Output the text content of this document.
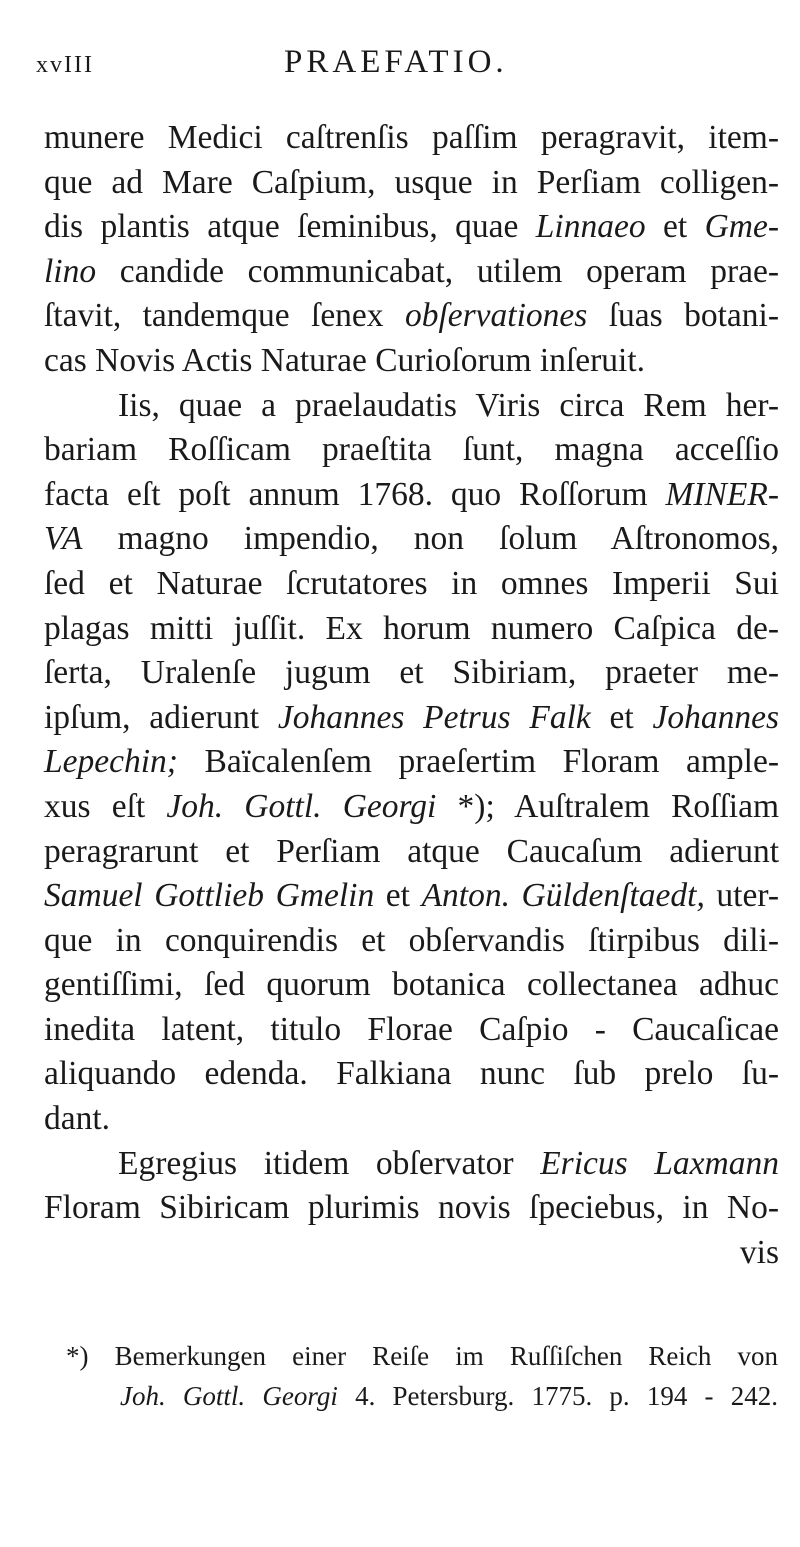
xvIII	PRAEFATIO.
munere Medici caſtrenſis paſſim peragravit, item-
que ad Mare Caſpium, usque in Perſiam colligen-
dis plantis atque ſeminibus, quae Linnaeo et Gme-
lino candide communicabat, utilem operam prae-
ſtavit, tandemque ſenex obſervationes ſuas botani-
cas Novis Actis Naturae Curioſorum inſeruit.
Iis, quae a praelaudatis Viris circa Rem her-
bariam Roſſicam praeſtita ſunt, magna acceſſio
facta eſt poſt annum 1768. quo Roſſorum MINER-
VA magno impendio, non ſolum Aſtronomos,
ſed et Naturae ſcrutatores in omnes Imperii Sui
plagas mitti juſſit. Ex horum numero Caſpica de-
ſerta, Uralenſe jugum et Sibiriam, praeter me-
ipſum, adierunt Johannes Petrus Falk et Johannes
Lepechin; Baïcalenſem praeſertim Floram ample-
xus eſt Joh. Gottl. Georgi *); Auſtralem Roſſiam
peragrarunt et Perſiam atque Caucaſum adierunt
Samuel Gottlieb Gmelin et Anton. Güldenſtaedt, uter-
que in conquirendis et obſervandis ſtirpibus dili-
gentiſſimi, ſed quorum botanica collectanea adhuc
inedita latent, titulo Florae Caſpio - Caucaſicae
aliquando edenda. Falkiana nunc ſub prelo ſu-
dant.
Egregius itidem obſervator Ericus Laxmann
Floram Sibiricam plurimis novis ſpeciebus, in No-
vis
*) Bemerkungen einer Reiſe im Ruſſiſchen Reich von
Joh. Gottl. Georgi 4. Petersburg. 1775. p. 194 - 242.
